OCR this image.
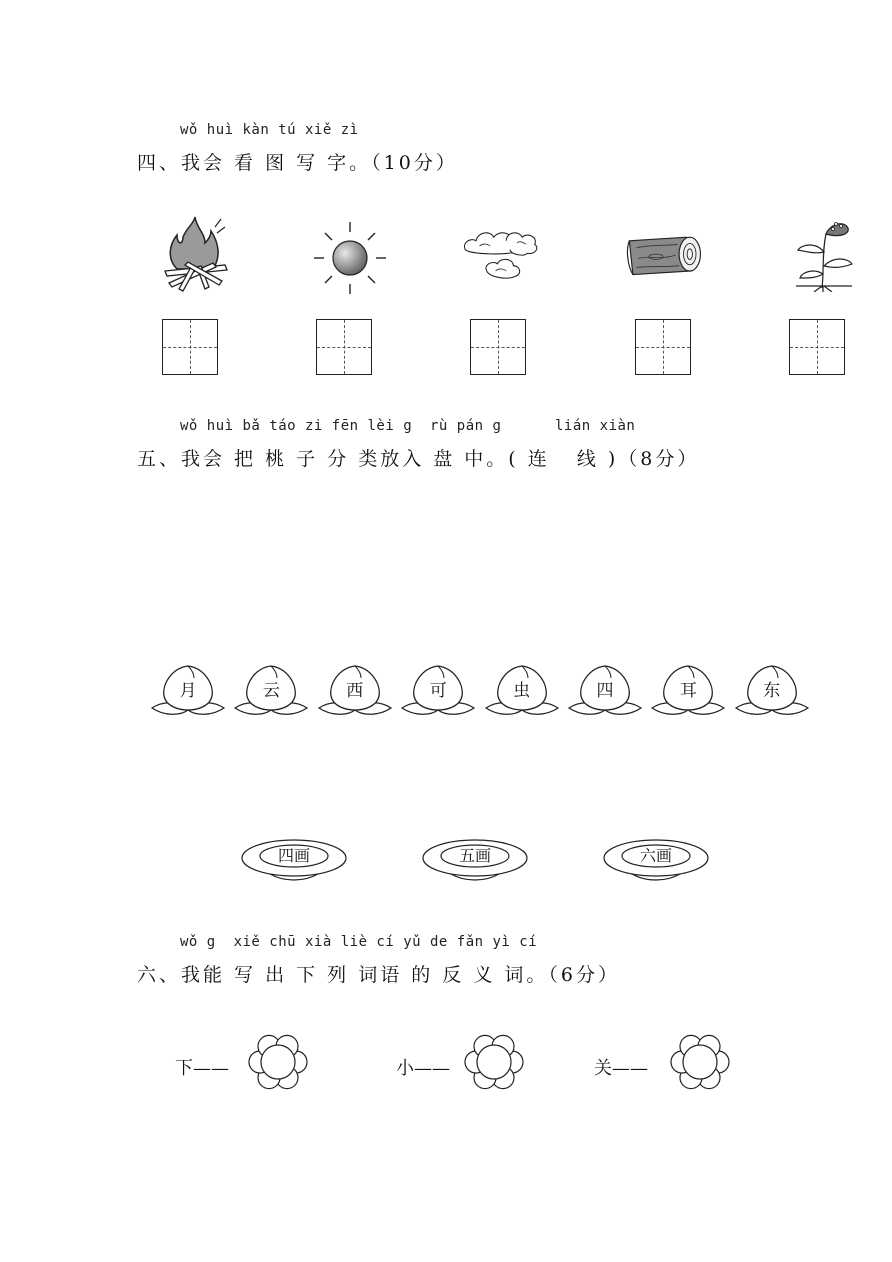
wǒ huì kàn tú xiě zì
四、我会 看 图 写 字。（10分）
wǒ huì bǎ táo zi fēn lèi g  rù pán g      lián xiàn
五、我会 把 桃 子 分 类放入 盘 中。( 连   线 )（8分）
月	云	西	可	虫	四	耳	东
四画	五画	六画
wǒ g  xiě chū xià liè cí yǔ de fǎn yì cí
六、我能 写 出 下 列 词语 的 反 义 词。（6分）
下——	小——	关——
